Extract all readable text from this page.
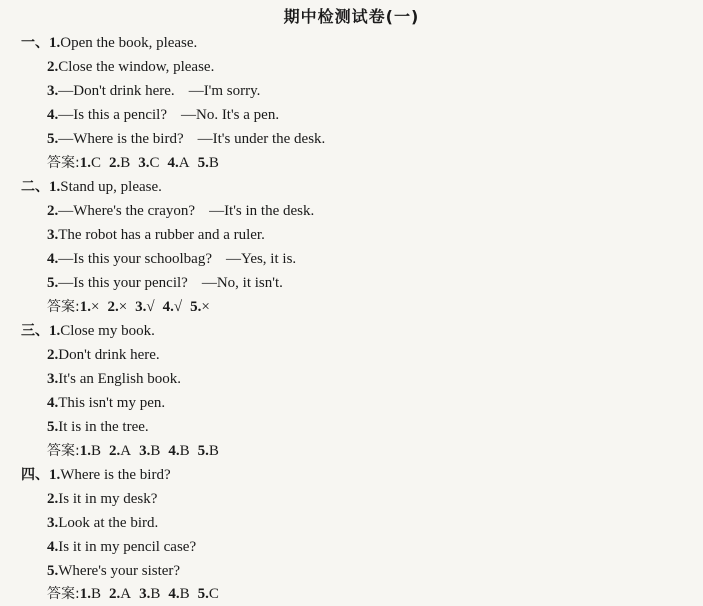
期中检测试卷(一)
一、1.Open the book, please.
2.Close the window, please.
3.—Don't drink here. —I'm sorry.
4.—Is this a pencil? —No. It's a pen.
5.—Where is the bird? —It's under the desk.
答案:1.C 2.B 3.C 4.A 5.B
二、1.Stand up, please.
2.—Where's the crayon? —It's in the desk.
3.The robot has a rubber and a ruler.
4.—Is this your schoolbag? —Yes, it is.
5.—Is this your pencil? —No, it isn't.
答案:1.× 2.× 3.√ 4.√ 5.×
三、1.Close my book.
2.Don't drink here.
3.It's an English book.
4.This isn't my pen.
5.It is in the tree.
答案:1.B 2.A 3.B 4.B 5.B
四、1.Where is the bird?
2.Is it in my desk?
3.Look at the bird.
4.Is it in my pencil case?
5.Where's your sister?
答案:1.B 2.A 3.B 4.B 5.C
